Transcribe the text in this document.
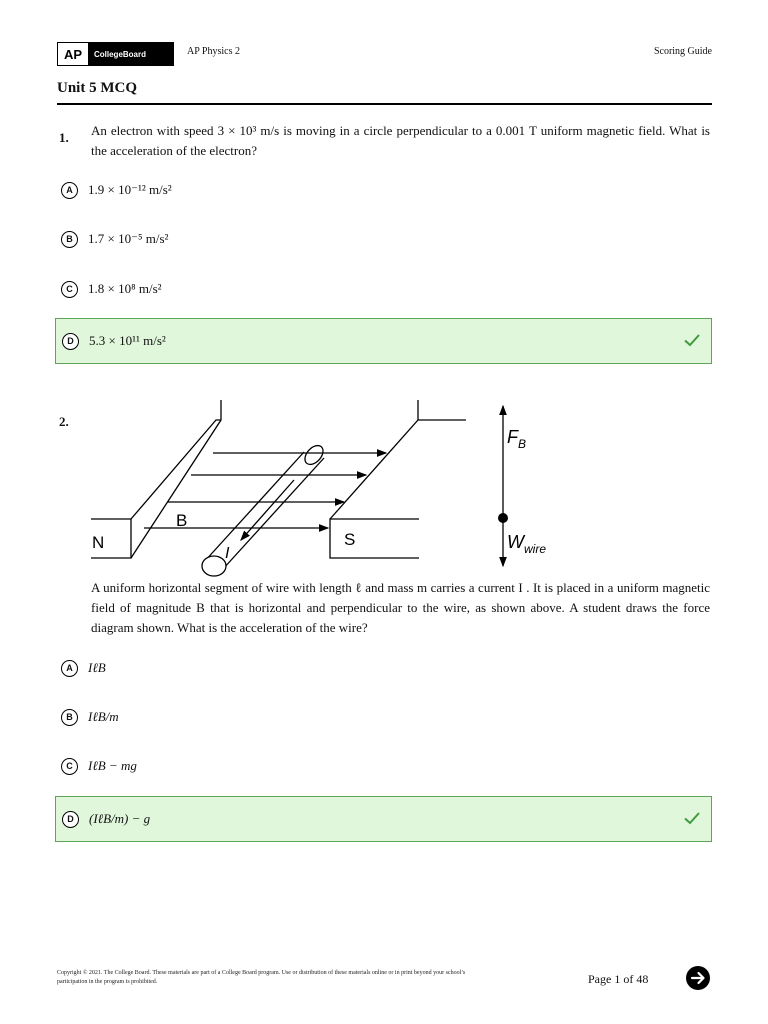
AP	CollegeBoard	AP Physics 2	Scoring Guide
Unit 5 MCQ
1. An electron with speed 3 × 10³ m/s is moving in a circle perpendicular to a 0.001 T uniform magnetic field. What is the acceleration of the electron?
A	1.9 × 10⁻¹² m/s²
B	1.7 × 10⁻⁵ m/s²
C	1.8 × 10⁸ m/s²
D	5.3 × 10¹¹ m/s²
2.
N	S
B
I
$F_B$
$W_{wire}$
A uniform horizontal segment of wire with length ℓ and mass m carries a current I . It is placed in a uniform magnetic field of magnitude B that is horizontal and perpendicular to the wire, as shown above. A student draws the force diagram shown. What is the acceleration of the wire?
A	IℓB
B	IℓB/m
C	IℓB − mg
D	(IℓB/m) − g
Copyright © 2021. The College Board. These materials are part of a College Board program. Use or distribution of these materials online or in print beyond your school’s participation in the program is prohibited.	Page 1 of 48
